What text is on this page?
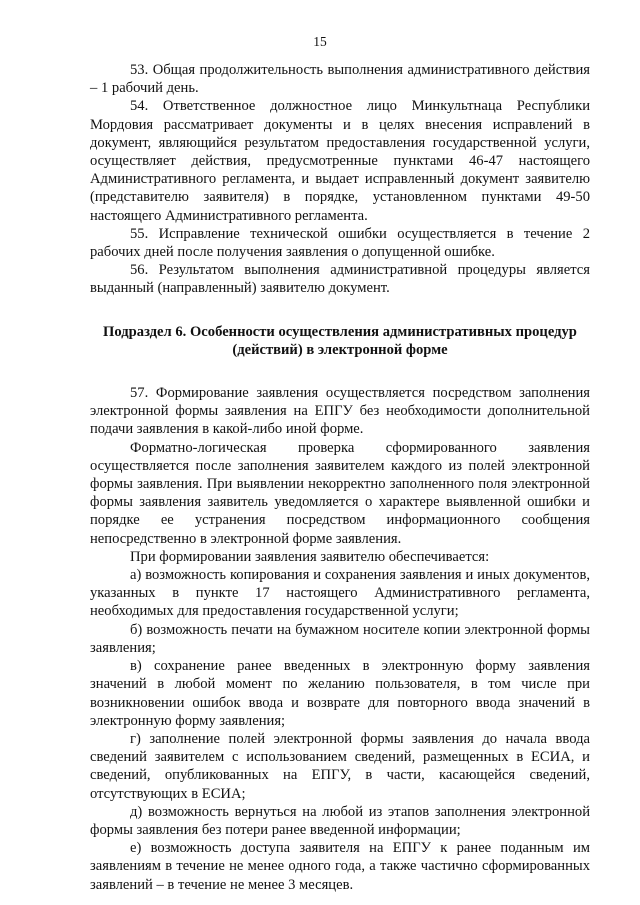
15

53. Общая продолжительность выполнения административного действия – 1 рабочий день.

54. Ответственное должностное лицо Минкультнаца Республики Мордовия рассматривает документы и в целях внесения исправлений в документ, являющийся результатом предоставления государственной услуги, осуществляет действия, предусмотренные пунктами 46-47 настоящего Административного регламента, и выдает исправленный документ заявителю (представителю заявителя) в порядке, установленном пунктами 49-50 настоящего Административного регламента.

55. Исправление технической ошибки осуществляется в течение 2 рабочих дней после получения заявления о допущенной ошибке.

56. Результатом выполнения административной процедуры является выданный (направленный) заявителю документ.

Подраздел 6. Особенности осуществления административных процедур (действий) в электронной форме

57. Формирование заявления осуществляется посредством заполнения электронной формы заявления на ЕПГУ без необходимости дополнительной подачи заявления в какой-либо иной форме.

Форматно-логическая проверка сформированного заявления осуществляется после заполнения заявителем каждого из полей электронной формы заявления. При выявлении некорректно заполненного поля электронной формы заявления заявитель уведомляется о характере выявленной ошибки и порядке ее устранения посредством информационного сообщения непосредственно в электронной форме заявления.

При формировании заявления заявителю обеспечивается:

а) возможность копирования и сохранения заявления и иных документов, указанных в пункте 17 настоящего Административного регламента, необходимых для предоставления государственной услуги;

б) возможность печати на бумажном носителе копии электронной формы заявления;

в) сохранение ранее введенных в электронную форму заявления значений в любой момент по желанию пользователя, в том числе при возникновении ошибок ввода и возврате для повторного ввода значений в электронную форму заявления;

г) заполнение полей электронной формы заявления до начала ввода сведений заявителем с использованием сведений, размещенных в ЕСИА, и сведений, опубликованных на ЕПГУ, в части, касающейся сведений, отсутствующих в ЕСИА;

д) возможность вернуться на любой из этапов заполнения электронной формы заявления без потери ранее введенной информации;

е) возможность доступа заявителя на ЕПГУ к ранее поданным им заявлениям в течение не менее одного года, а также частично сформированных заявлений – в течение не менее 3 месяцев.
